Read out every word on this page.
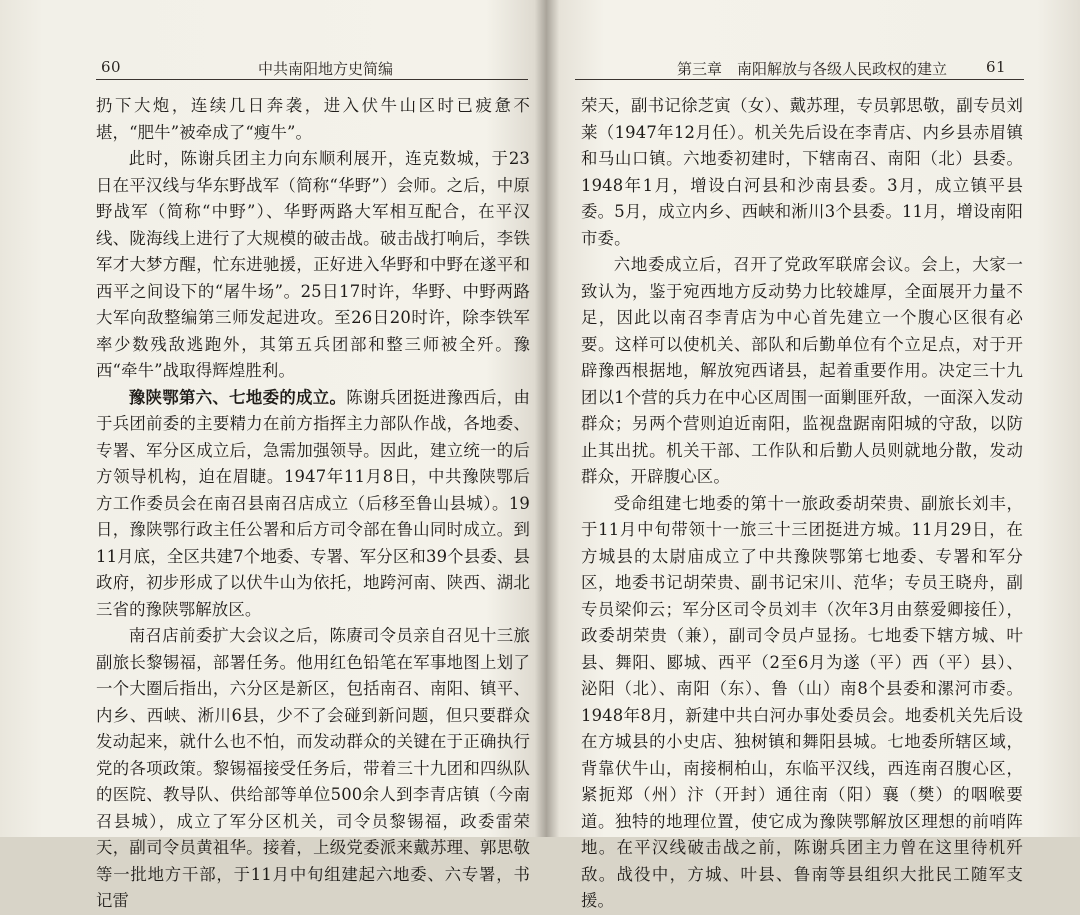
60	中共南阳地方史简编

扔下大炮，连续几日奔袭，进入伏牛山区时已疲惫不堪，“肥牛”被牵成了“瘦牛”。

此时，陈谢兵团主力向东顺利展开，连克数城，于23日在平汉线与华东野战军（简称“华野”）会师。之后，中原野战军（简称“中野”）、华野两路大军相互配合，在平汉线、陇海线上进行了大规模的破击战。破击战打响后，李铁军才大梦方醒，忙东进驰援，正好进入华野和中野在遂平和西平之间设下的“屠牛场”。25日17时许，华野、中野两路大军向敌整编第三师发起进攻。至26日20时许，除李铁军率少数残敌逃跑外，其第五兵团部和整三师被全歼。豫西“牵牛”战取得辉煌胜利。

豫陕鄂第六、七地委的成立。陈谢兵团挺进豫西后，由于兵团前委的主要精力在前方指挥主力部队作战，各地委、专署、军分区成立后，急需加强领导。因此，建立统一的后方领导机构，迫在眉睫。1947年11月8日，中共豫陕鄂后方工作委员会在南召县南召店成立（后移至鲁山县城）。19日，豫陕鄂行政主任公署和后方司令部在鲁山同时成立。到11月底，全区共建7个地委、专署、军分区和39个县委、县政府，初步形成了以伏牛山为依托，地跨河南、陕西、湖北三省的豫陕鄂解放区。

南召店前委扩大会议之后，陈赓司令员亲自召见十三旅副旅长黎锡福，部署任务。他用红色铅笔在军事地图上划了一个大圈后指出，六分区是新区，包括南召、南阳、镇平、内乡、西峡、淅川6县，少不了会碰到新问题，但只要群众发动起来，就什么也不怕，而发动群众的关键在于正确执行党的各项政策。黎锡福接受任务后，带着三十九团和四纵队的医院、教导队、供给部等单位500余人到李青店镇（今南召县城），成立了军分区机关，司令员黎锡福，政委雷荣天，副司令员黄祖华。接着，上级党委派来戴苏理、郭思敬等一批地方干部，于11月中旬组建起六地委、六专署，书记雷

第三章　南阳解放与各级人民政权的建立	61

荣天，副书记徐芝寅（女）、戴苏理，专员郭思敬，副专员刘莱（1947年12月任）。机关先后设在李青店、内乡县赤眉镇和马山口镇。六地委初建时，下辖南召、南阳（北）县委。1948年1月，增设白河县和沙南县委。3月，成立镇平县委。5月，成立内乡、西峡和淅川3个县委。11月，增设南阳市委。

六地委成立后，召开了党政军联席会议。会上，大家一致认为，鉴于宛西地方反动势力比较雄厚，全面展开力量不足，因此以南召李青店为中心首先建立一个腹心区很有必要。这样可以使机关、部队和后勤单位有个立足点，对于开辟豫西根据地，解放宛西诸县，起着重要作用。决定三十九团以1个营的兵力在中心区周围一面剿匪歼敌，一面深入发动群众；另两个营则迫近南阳，监视盘踞南阳城的守敌，以防止其出扰。机关干部、工作队和后勤人员则就地分散，发动群众，开辟腹心区。

受命组建七地委的第十一旅政委胡荣贵、副旅长刘丰，于11月中旬带领十一旅三十三团挺进方城。11月29日，在方城县的太尉庙成立了中共豫陕鄂第七地委、专署和军分区，地委书记胡荣贵、副书记宋川、范华；专员王晓舟，副专员梁仰云；军分区司令员刘丰（次年3月由蔡爱卿接任），政委胡荣贵（兼），副司令员卢显扬。七地委下辖方城、叶县、舞阳、郾城、西平（2至6月为遂（平）西（平）县）、泌阳（北）、南阳（东）、鲁（山）南8个县委和漯河市委。1948年8月，新建中共白河办事处委员会。地委机关先后设在方城县的小史店、独树镇和舞阳县城。七地委所辖区域，背靠伏牛山，南接桐柏山，东临平汉线，西连南召腹心区，紧扼郑（州）汴（开封）通往南（阳）襄（樊）的咽喉要道。独特的地理位置，使它成为豫陕鄂解放区理想的前哨阵地。在平汉线破击战之前，陈谢兵团主力曾在这里待机歼敌。战役中，方城、叶县、鲁南等县组织大批民工随军支援。
